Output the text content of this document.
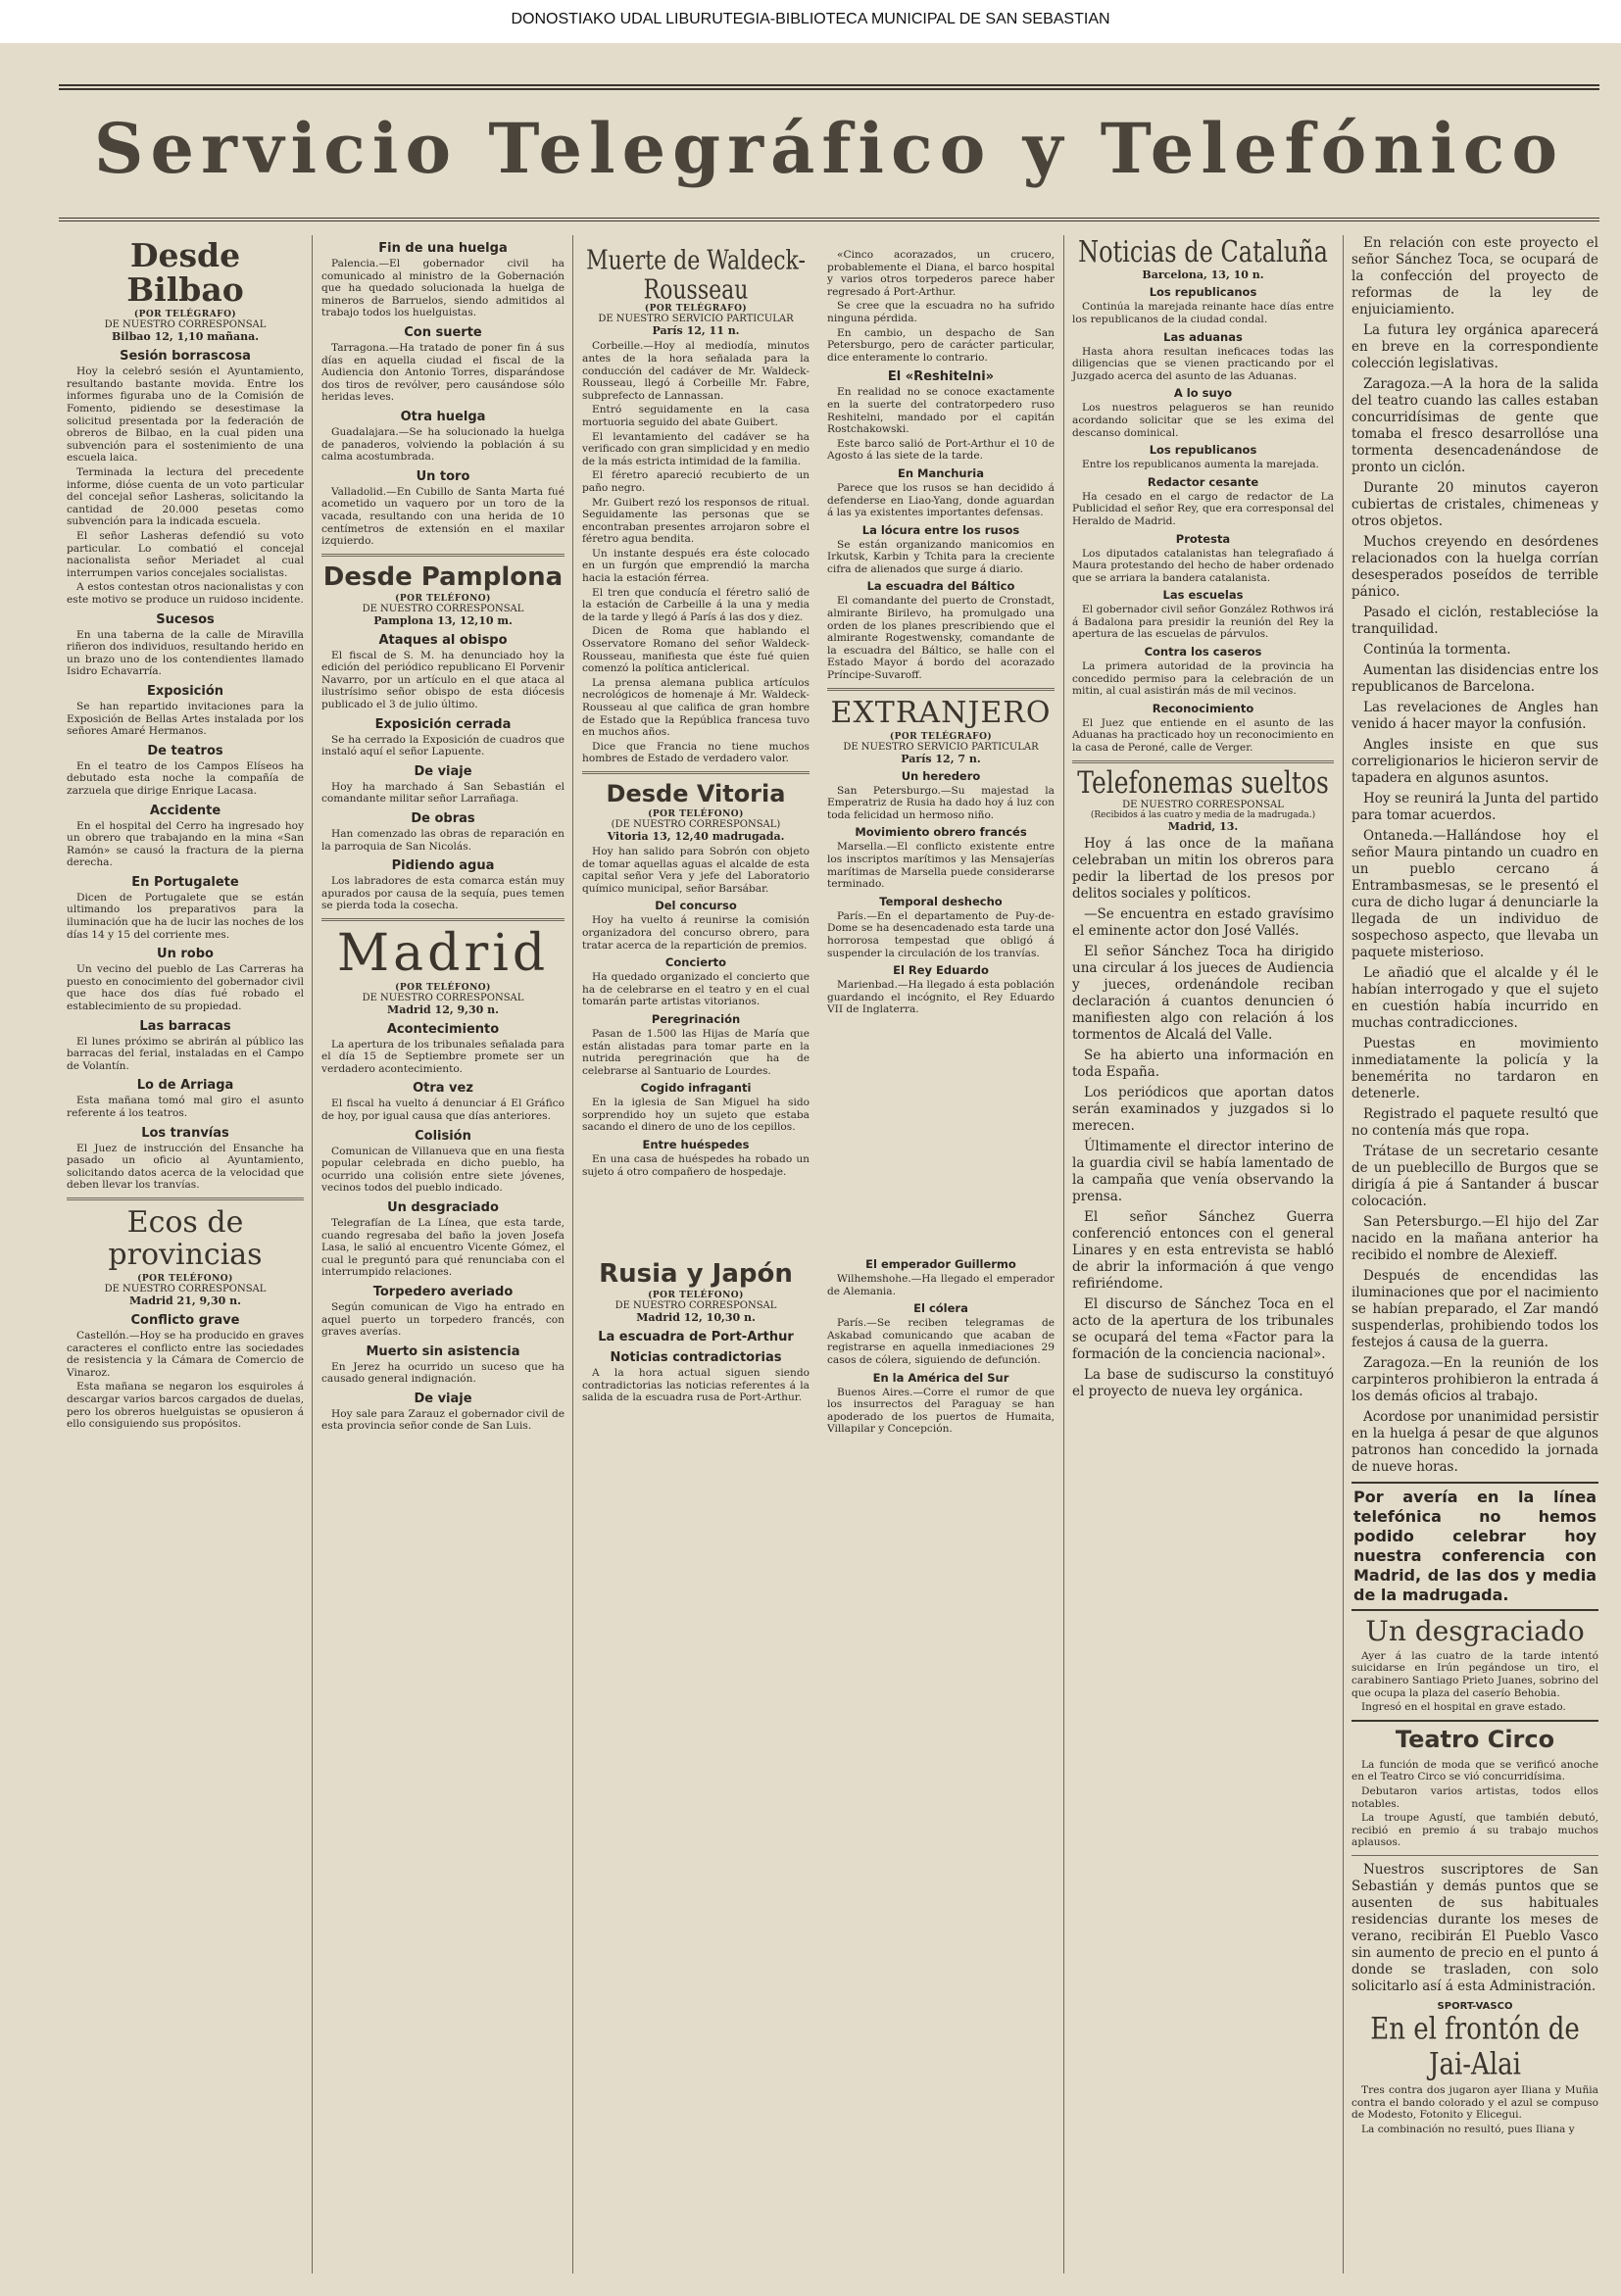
DONOSTIAKO UDAL LIBURUTEGIA-BIBLIOTECA MUNICIPAL DE SAN SEBASTIAN
Servicio Telegráfico y Telefónico
Desde Bilbao
(POR TELÉGRAFO)
DE NUESTRO CORRESPONSAL
Bilbao 12, 1,10 mañana.
Sesión borrascosa

Hoy la celebró sesión el Ayuntamiento, resultando bastante movida. Entre los informes figuraba uno de la Comisión de Fomento, pidiendo se desestimase la solicitud presentada por la federación de obreros de Bilbao, en la cual piden una subvención para el sostenimiento de una escuela laica.

Terminada la lectura del precedente informe, dióse cuenta de un voto particular del concejal señor Lasheras, solicitando la cantidad de 20.000 pesetas como subvención para la indicada escuela.

El señor Lasheras defendió su voto particular. Lo combatió el concejal nacionalista señor Meriadet al cual interrumpen varios concejales socialistas.

A estos contestan otros nacionalistas y con este motivo se produce un ruidoso incidente.

Sucesos

En una taberna de la calle de Miravilla riñeron dos individuos, resultando herido en un brazo uno de los contendientes llamado Isidro Echavarría.

Exposición

Se han repartido invitaciones para la Exposición de Bellas Artes instalada por los señores Amaré Hermanos.

De teatros

En el teatro de los Campos Elíseos ha debutado esta noche la compañía de zarzuela que dirige Enrique Lacasa.

Accidente

En el hospital del Cerro ha ingresado hoy un obrero que trabajando en la mina «San Ramón» se causó la fractura de la pierna derecha.

En Portugalete

Dicen de Portugalete que se están ultimando los preparativos para la iluminación que ha de lucir las noches de los días 14 y 15 del corriente mes.

Un robo

Un vecino del pueblo de Las Carreras ha puesto en conocimiento del gobernador civil que hace dos días fué robado el establecimiento de su propiedad.

Las barracas

El lunes próximo se abrirán al público las barracas del ferial, instaladas en el Campo de Volantín.

Lo de Arriaga

Esta mañana tomó mal giro el asunto referente á los teatros.

Los tranvías

El Juez de instrucción del Ensanche ha pasado un oficio al Ayuntamiento, solicitando datos acerca de la velocidad que deben llevar los tranvías.

Ecos de provincias
(POR TELÉFONO)
DE NUESTRO CORRESPONSAL
Madrid 21, 9,30 n.
Conflicto grave

Castellón.—Hoy se ha producido en graves caracteres el conflicto entre las sociedades de resistencia y la Cámara de Comercio de Vinaroz.

Esta mañana se negaron los esquiroles á descargar varios barcos cargados de duelas, pero los obreros huelguistas se opusieron á ello consiguiendo sus propósitos.

Fin de una huelga

Palencia.—El gobernador civil ha comunicado al ministro de la Gobernación que ha quedado solucionada la huelga de mineros de Barruelos, siendo admitidos al trabajo todos los huelguistas.

Con suerte

Tarragona.—Ha tratado de poner fin á sus días en aquella ciudad el fiscal de la Audiencia don Antonio Torres, disparándose dos tiros de revólver, pero causándose sólo heridas leves.

Otra huelga

Guadalajara.—Se ha solucionado la huelga de panaderos, volviendo la población á su calma acostumbrada.

Un toro

Valladolid.—En Cubillo de Santa Marta fué acometido un vaquero por un toro de la vacada, resultando con una herida de 10 centímetros de extensión en el maxilar izquierdo.

Desde Pamplona
(POR TELÉFONO)
DE NUESTRO CORRESPONSAL
Pamplona 13, 12,10 m.
Ataques al obispo

El fiscal de S. M. ha denunciado hoy la edición del periódico republicano El Porvenir Navarro, por un artículo en el que ataca al ilustrísimo señor obispo de esta diócesis publicado el 3 de julio último.

Exposición cerrada

Se ha cerrado la Exposición de cuadros que instaló aquí el señor Lapuente.

De viaje

Hoy ha marchado á San Sebastián el comandante militar señor Larrañaga.

De obras

Han comenzado las obras de reparación en la parroquia de San Nicolás.

Pidiendo agua

Los labradores de esta comarca están muy apurados por causa de la sequía, pues temen se pierda toda la cosecha.

Madrid
(POR TELÉFONO)
DE NUESTRO CORRESPONSAL
Madrid 12, 9,30 n.
Acontecimiento

La apertura de los tribunales señalada para el día 15 de Septiembre promete ser un verdadero acontecimiento.

Otra vez

El fiscal ha vuelto á denunciar á El Gráfico de hoy, por igual causa que días anteriores.

Colisión

Comunican de Villanueva que en una fiesta popular celebrada en dicho pueblo, ha ocurrido una colisión entre siete jóvenes, vecinos todos del pueblo indicado.

Un desgraciado

Telegrafían de La Línea, que esta tarde, cuando regresaba del baño la joven Josefa Lasa, le salió al encuentro Vicente Gómez, el cual le preguntó para qué renunciaba con el interrumpido relaciones.

Torpedero averiado

Según comunican de Vigo ha entrado en aquel puerto un torpedero francés, con graves averías.

Muerto sin asistencia

En Jerez ha ocurrido un suceso que ha causado general indignación.

De viaje

Hoy sale para Zarauz el gobernador civil de esta provincia señor conde de San Luis.

Muerte de Waldeck-Rousseau
(POR TELÉGRAFO)
DE NUESTRO SERVICIO PARTICULAR
París 12, 11 n.

Corbeille.—Hoy al mediodía, minutos antes de la hora señalada para la conducción del cadáver de Mr. Waldeck-Rousseau, llegó á Corbeille Mr. Fabre, subprefecto de Lannassan.

Entró seguidamente en la casa mortuoria seguido del abate Guibert.

El levantamiento del cadáver se ha verificado con gran simplicidad y en medio de la más estricta intimidad de la familia.

El féretro apareció recubierto de un paño negro.

Mr. Guibert rezó los responsos de ritual. Seguidamente las personas que se encontraban presentes arrojaron sobre el féretro agua bendita.

Un instante después era éste colocado en un furgón que emprendió la marcha hacia la estación férrea.

El tren que conducía el féretro salió de la estación de Carbeille á la una y media de la tarde y llegó á París á las dos y diez.

Dicen de Roma que hablando el Osservatore Romano del señor Waldeck-Rousseau, manifiesta que éste fué quien comenzó la política anticlerical.

La prensa alemana publica artículos necrológicos de homenaje á Mr. Waldeck-Rousseau al que califica de gran hombre de Estado que la República francesa tuvo en muchos años.

Dice que Francia no tiene muchos hombres de Estado de verdadero valor.

Desde Vitoria
(POR TELÉFONO)
(DE NUESTRO CORRESPONSAL)
Vitoria 13, 12,40 madrugada.

Hoy han salido para Sobrón con objeto de tomar aquellas aguas el alcalde de esta capital señor Vera y jefe del Laboratorio químico municipal, señor Barsábar.

Del concurso

Hoy ha vuelto á reunirse la comisión organizadora del concurso obrero, para tratar acerca de la repartición de premios.

Concierto

Ha quedado organizado el concierto que ha de celebrarse en el teatro y en el cual tomarán parte artistas vitorianos.

Peregrinación

Pasan de 1.500 las Hijas de María que están alistadas para tomar parte en la nutrida peregrinación que ha de celebrarse al Santuario de Lourdes.

Cogido infraganti

En la iglesia de San Miguel ha sido sorprendido hoy un sujeto que estaba sacando el dinero de uno de los cepillos.

Entre huéspedes

En una casa de huéspedes ha robado un sujeto á otro compañero de hospedaje.

«Cinco acorazados, un crucero, probablemente el Diana, el barco hospital y varios otros torpederos parece haber regresado á Port-Arthur.

Se cree que la escuadra no ha sufrido ninguna pérdida.

En cambio, un despacho de San Petersburgo, pero de carácter particular, dice enteramente lo contrario.

El «Reshitelni»

En realidad no se conoce exactamente en la suerte del contratorpedero ruso Reshitelni, mandado por el capitán Rostchakowski.

Este barco salió de Port-Arthur el 10 de Agosto á las siete de la tarde.

En Manchuria

Parece que los rusos se han decidido á defenderse en Liao-Yang, donde aguardan á las ya existentes importantes defensas.

La lócura entre los rusos

Se están organizando manicomios en Irkutsk, Karbin y Tchita para la creciente cifra de alienados que surge á diario.

La escuadra del Báltico

El comandante del puerto de Cronstadt, almirante Birilevo, ha promulgado una orden de los planes prescribiendo que el almirante Rogestwensky, comandante de la escuadra del Báltico, se halle con el Estado Mayor á bordo del acorazado Príncipe-Suvaroff.

EXTRANJERO
(POR TELÉGRAFO)
DE NUESTRO SERVICIO PARTICULAR
París 12, 7 n.
Un heredero

San Petersburgo.—Su majestad la Emperatriz de Rusia ha dado hoy á luz con toda felicidad un hermoso niño.

Movimiento obrero francés

Marsella.—El conflicto existente entre los inscriptos marítimos y las Mensajerías marítimas de Marsella puede considerarse terminado.

Temporal deshecho

París.—En el departamento de Puy-de-Dome se ha desencadenado esta tarde una horrorosa tempestad que obligó á suspender la circulación de los tranvías.

El Rey Eduardo

Marienbad.—Ha llegado á esta población guardando el incógnito, el Rey Eduardo VII de Inglaterra.

Rusia y Japón
(POR TELÉFONO)
DE NUESTRO CORRESPONSAL
Madrid 12, 10,30 n.
La escuadra de Port-Arthur
Noticias contradictorias

A la hora actual siguen siendo contradictorias las noticias referentes á la salida de la escuadra rusa de Port-Arthur.

El emperador Guillermo

Wilhemshohe.—Ha llegado el emperador de Alemania.

El cólera

París.—Se reciben telegramas de Askabad comunicando que acaban de registrarse en aquella inmediaciones 29 casos de cólera, siguiendo de defunción.

En la América del Sur

Buenos Aires.—Corre el rumor de que los insurrectos del Paraguay se han apoderado de los puertos de Humaita, Villapilar y Concepción.

Noticias de Cataluña
Barcelona, 13, 10 n.
Los republicanos

Continúa la marejada reinante hace días entre los republicanos de la ciudad condal.

Las aduanas

Hasta ahora resultan ineficaces todas las diligencias que se vienen practicando por el Juzgado acerca del asunto de las Aduanas.

A lo suyo

Los nuestros pelagueros se han reunido acordando solicitar que se les exima del descanso dominical.

Los republicanos

Entre los republicanos aumenta la marejada.

Redactor cesante

Ha cesado en el cargo de redactor de La Publicidad el señor Rey, que era corresponsal del Heraldo de Madrid.

Protesta

Los diputados catalanistas han telegrafiado á Maura protestando del hecho de haber ordenado que se arriara la bandera catalanista.

Las escuelas

El gobernador civil señor González Rothwos irá á Badalona para presidir la reunión del Rey la apertura de las escuelas de párvulos.

Contra los caseros

La primera autoridad de la provincia ha concedido permiso para la celebración de un mitin, al cual asistirán más de mil vecinos.

Reconocimiento

El Juez que entiende en el asunto de las Aduanas ha practicado hoy un reconocimiento en la casa de Peroné, calle de Verger.

Telefonemas sueltos
DE NUESTRO CORRESPONSAL
(Recibidos á las cuatro y media de la madrugada.)
Madrid, 13.

Hoy á las once de la mañana celebraban un mitin los obreros para pedir la libertad de los presos por delitos sociales y políticos.

—Se encuentra en estado gravísimo el eminente actor don José Vallés.

El señor Sánchez Toca ha dirigido una circular á los jueces de Audiencia y jueces, ordenándole reciban declaración á cuantos denuncien ó manifiesten algo con relación á los tormentos de Alcalá del Valle.

Se ha abierto una información en toda España.

Los periódicos que aportan datos serán examinados y juzgados si lo merecen.

Últimamente el director interino de la guardia civil se había lamentado de la campaña que venía observando la prensa.

El señor Sánchez Guerra conferenció entonces con el general Linares y en esta entrevista se habló de abrir la información á que vengo refiriéndome.

El discurso de Sánchez Toca en el acto de la apertura de los tribunales se ocupará del tema «Factor para la formación de la conciencia nacional».

La base de sudiscurso la constituyó el proyecto de nueva ley orgánica.

En relación con este proyecto el señor Sánchez Toca, se ocupará de la confección del proyecto de reformas de la ley de enjuiciamiento.

La futura ley orgánica aparecerá en breve en la correspondiente colección legislativas.

Zaragoza.—A la hora de la salida del teatro cuando las calles estaban concurridísimas de gente que tomaba el fresco desarrollóse una tormenta desencadenándose de pronto un ciclón.

Durante 20 minutos cayeron cubiertas de cristales, chimeneas y otros objetos.

Muchos creyendo en desórdenes relacionados con la huelga corrían desesperados poseídos de terrible pánico.

Pasado el ciclón, restablecióse la tranquilidad.

Continúa la tormenta.

Aumentan las disidencias entre los republicanos de Barcelona.

Las revelaciones de Angles han venido á hacer mayor la confusión.

Angles insiste en que sus correligionarios le hicieron servir de tapadera en algunos asuntos.

Hoy se reunirá la Junta del partido para tomar acuerdos.

Ontaneda.—Hallándose hoy el señor Maura pintando un cuadro en un pueblo cercano á Entrambasmesas, se le presentó el cura de dicho lugar á denunciarle la llegada de un individuo de sospechoso aspecto, que llevaba un paquete misterioso.

Le añadió que el alcalde y él le habían interrogado y que el sujeto en cuestión había incurrido en muchas contradicciones.

Puestas en movimiento inmediatamente la policía y la benemérita no tardaron en detenerle.

Registrado el paquete resultó que no contenía más que ropa.

Trátase de un secretario cesante de un pueblecillo de Burgos que se dirigía á pie á Santander á buscar colocación.

San Petersburgo.—El hijo del Zar nacido en la mañana anterior ha recibido el nombre de Alexieff.

Después de encendidas las iluminaciones que por el nacimiento se habían preparado, el Zar mandó suspenderlas, prohibiendo todos los festejos á causa de la guerra.

Zaragoza.—En la reunión de los carpinteros prohibieron la entrada á los demás oficios al trabajo.

Acordose por unanimidad persistir en la huelga á pesar de que algunos patronos han concedido la jornada de nueve horas.

Por avería en la línea telefónica no hemos podido celebrar hoy nuestra conferencia con Madrid, de las dos y media de la madrugada.
Un desgraciado

Ayer á las cuatro de la tarde intentó suicidarse en Irún pegándose un tiro, el carabinero Santiago Prieto Juanes, sobrino del que ocupa la plaza del caserío Behobia.

Ingresó en el hospital en grave estado.

Teatro Circo

La función de moda que se verificó anoche en el Teatro Circo se vió concurridísima.

Debutaron varios artistas, todos ellos notables.

La troupe Agustí, que también debutó, recibió en premio á su trabajo muchos aplausos.

Nuestros suscriptores de San Sebastián y demás puntos que se ausenten de sus habituales residencias durante los meses de verano, recibirán El Pueblo Vasco sin aumento de precio en el punto á donde se trasladen, con solo solicitarlo así á esta Administración.

SPORT-VASCO
En el frontón de Jai-Alai

Tres contra dos jugaron ayer Iliana y Muñia contra el bando colorado y el azul se compuso de Modesto, Fotonito y Elicegui.

La combinación no resultó, pues Iliana y
